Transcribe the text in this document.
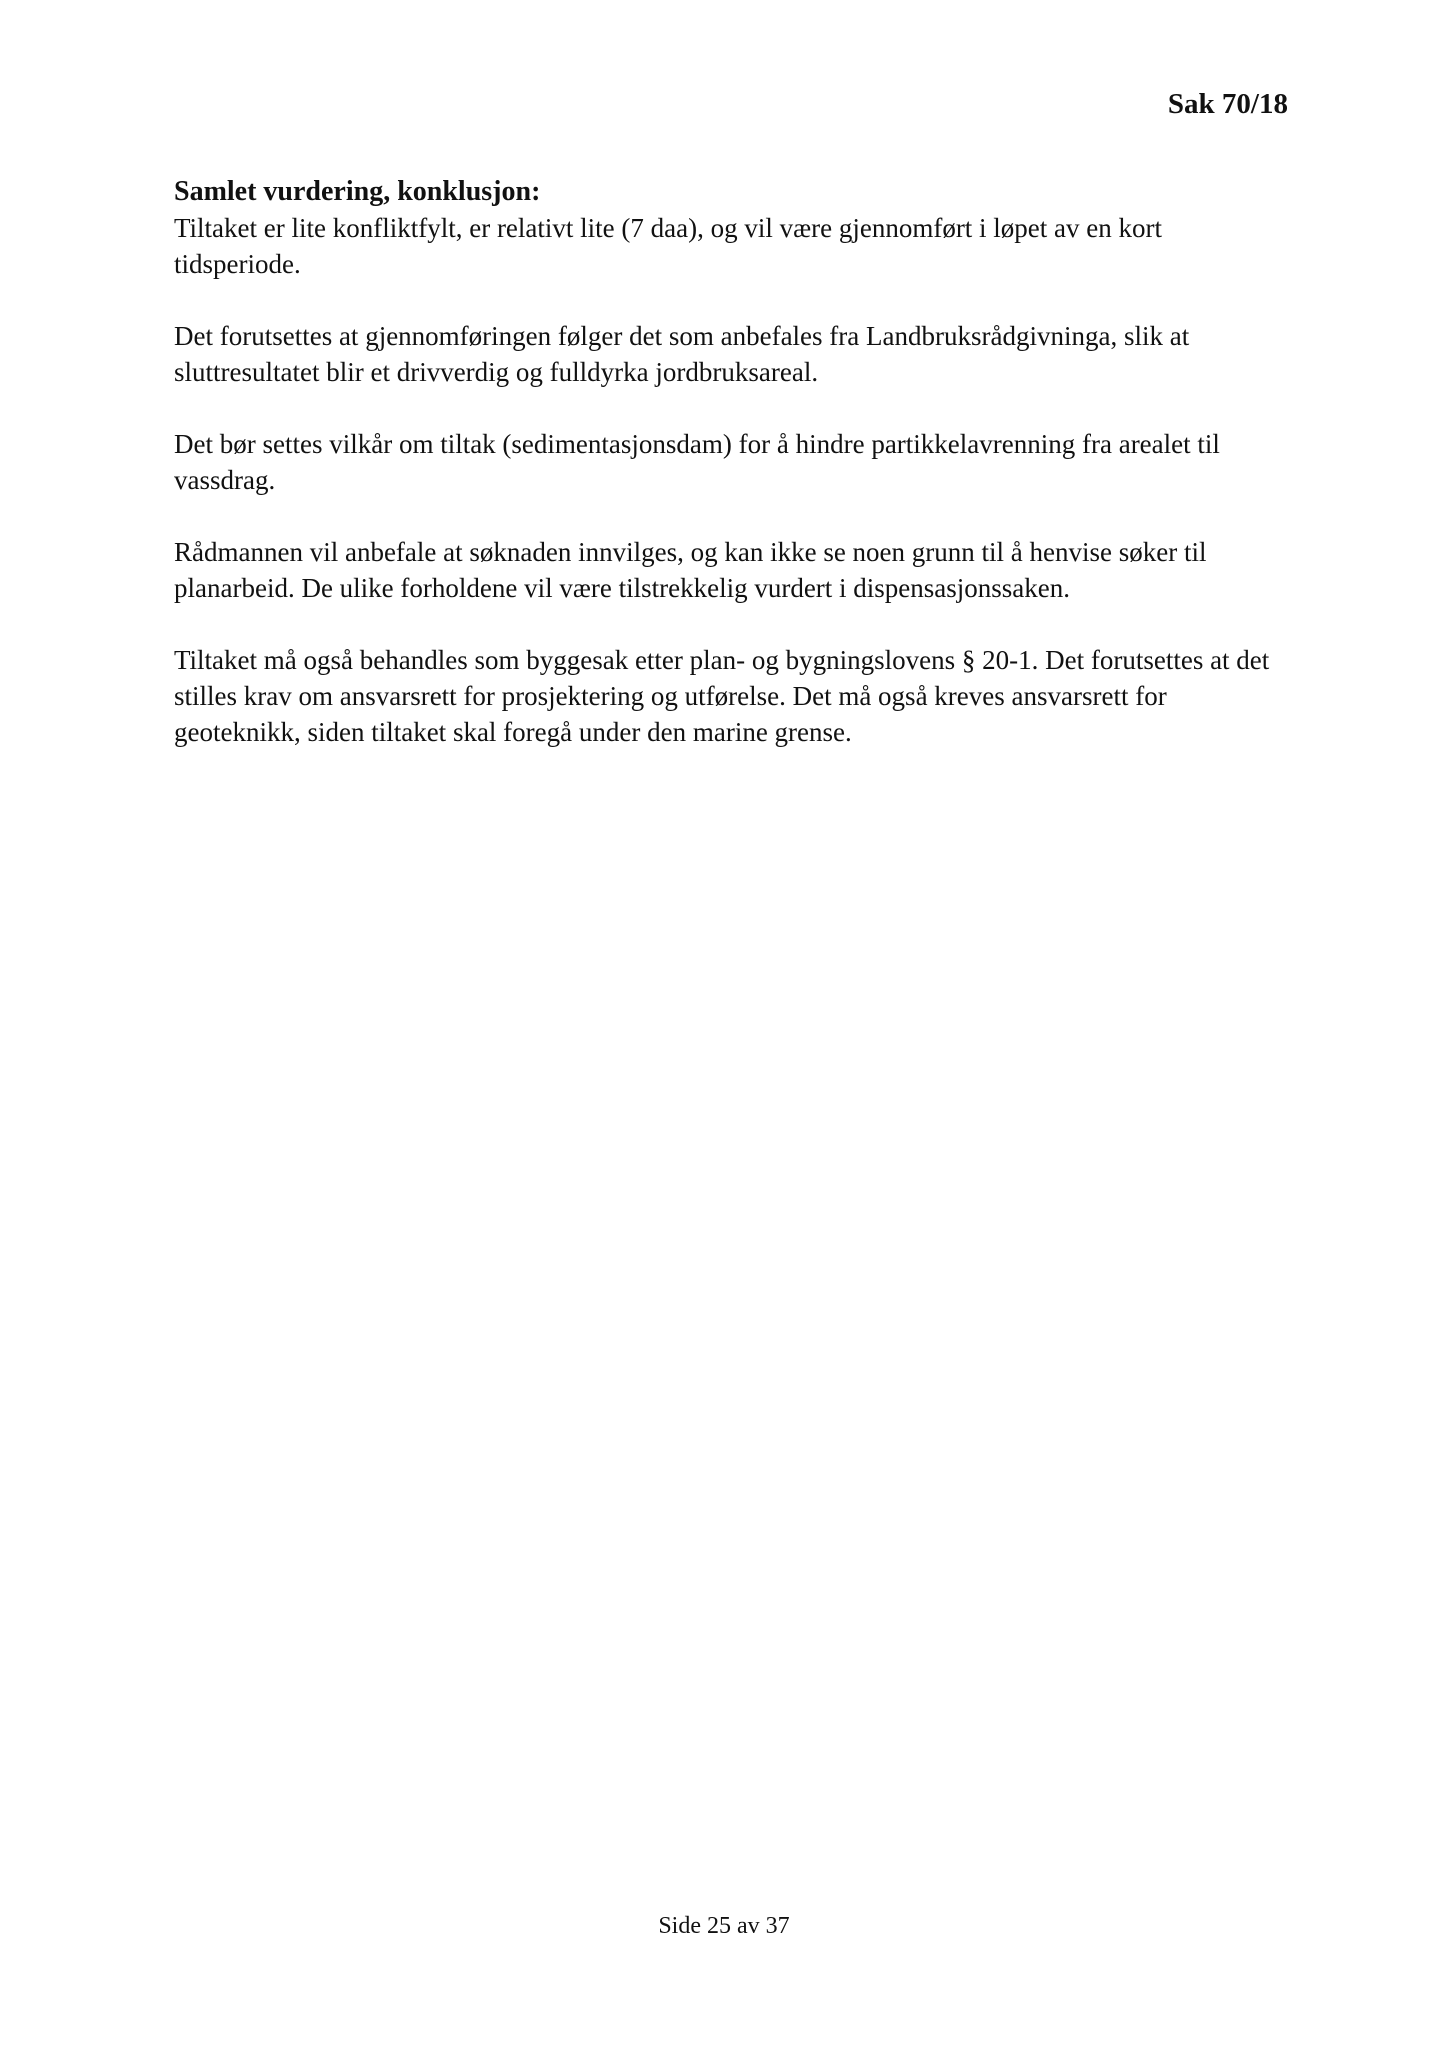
Sak 70/18

Samlet vurdering, konklusjon:

Tiltaket er lite konfliktfylt, er relativt lite (7 daa), og vil være gjennomført i løpet av en kort tidsperiode.

Det forutsettes at gjennomføringen følger det som anbefales fra Landbruksrådgivninga, slik at sluttresultatet blir et drivverdig og fulldyrka jordbruksareal.

Det bør settes vilkår om tiltak (sedimentasjonsdam) for å hindre partikkelavrenning fra arealet til vassdrag.

Rådmannen vil anbefale at søknaden innvilges, og kan ikke se noen grunn til å henvise søker til planarbeid. De ulike forholdene vil være tilstrekkelig vurdert i dispensasjonssaken.

Tiltaket må også behandles som byggesak etter plan- og bygningslovens § 20-1. Det forutsettes at det stilles krav om ansvarsrett for prosjektering og utførelse. Det må også kreves ansvarsrett for geoteknikk, siden tiltaket skal foregå under den marine grense.

Side 25 av 37
